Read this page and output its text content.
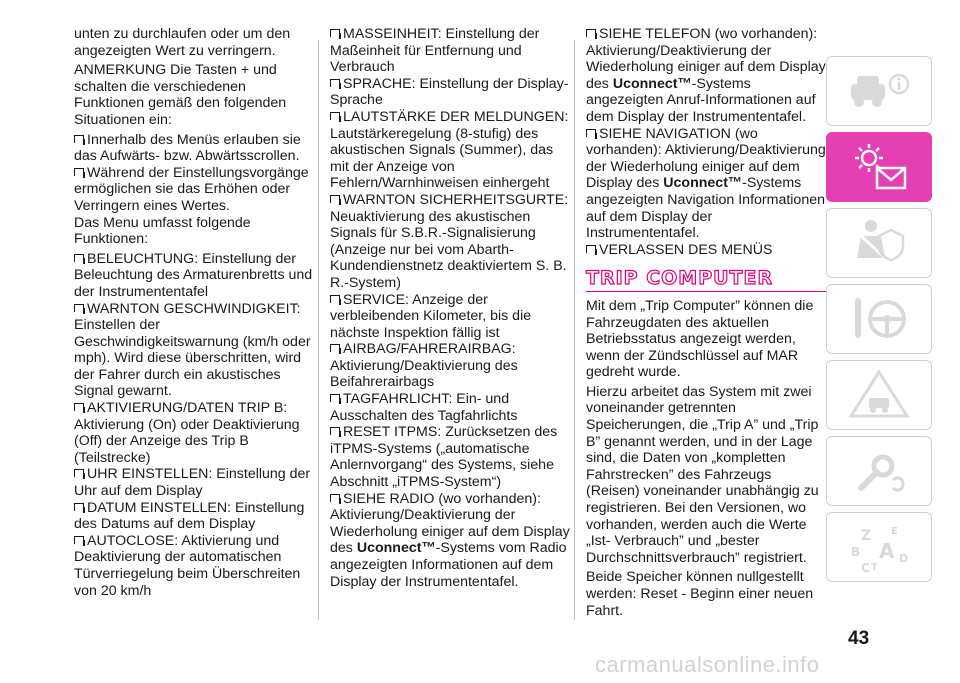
unten zu durchlaufen oder um den angezeigten Wert zu verringern.
ANMERKUNG Die Tasten + und schalten die verschiedenen Funktionen gemäß den folgenden Situationen ein:
Innerhalb des Menüs erlauben sie das Aufwärts- bzw. Abwärtsscrollen.
Während der Einstellungsvorgänge ermöglichen sie das Erhöhen oder Verringern eines Wertes.
Das Menu umfasst folgende Funktionen:
BELEUCHTUNG: Einstellung der Beleuchtung des Armaturenbretts und der Instrumententafel
WARNTON GESCHWINDIGKEIT: Einstellen der Geschwindigkeitswarnung (km/h oder mph). Wird diese überschritten, wird der Fahrer durch ein akustisches Signal gewarnt.
AKTIVIERUNG/DATEN TRIP B: Aktivierung (On) oder Deaktivierung (Off) der Anzeige des Trip B (Teilstrecke)
UHR EINSTELLEN: Einstellung der Uhr auf dem Display
DATUM EINSTELLEN: Einstellung des Datums auf dem Display
AUTOCLOSE: Aktivierung und Deaktivierung der automatischen Türverriegelung beim Überschreiten von 20 km/h
MASSEINHEIT: Einstellung der Maßeinheit für Entfernung und Verbrauch
SPRACHE: Einstellung der Display-Sprache
LAUTSTÄRKE DER MELDUNGEN: Lautstärkeregelung (8-stufig) des akustischen Signals (Summer), das mit der Anzeige von Fehlern/Warnhinweisen einhergeht
WARNTON SICHERHEITSGURTE: Neuaktivierung des akustischen Signals für S.B.R.-Signalisierung (Anzeige nur bei vom Abarth-Kundendienstnetz deaktiviertem S. B. R.-System)
SERVICE: Anzeige der verbleibenden Kilometer, bis die nächste Inspektion fällig ist
AIRBAG/FAHRERAIRBAG: Aktivierung/Deaktivierung des Beifahrerairbags
TAGFAHRLICHT: Ein- und Ausschalten des Tagfahrlichts
RESET ITPMS: Zurücksetzen des iTPMS-Systems („automatische Anlernvorgang“ des Systems, siehe Abschnitt „iTPMS-System“)
SIEHE RADIO (wo vorhanden): Aktivierung/Deaktivierung der Wiederholung einiger auf dem Display des Uconnect™-Systems vom Radio angezeigten Informationen auf dem Display der Instrumententafel.
SIEHE TELEFON (wo vorhanden): Aktivierung/Deaktivierung der Wiederholung einiger auf dem Display des Uconnect™-Systems angezeigten Anruf-Informationen auf dem Display der Instrumententafel.
SIEHE NAVIGATION (wo vorhanden): Aktivierung/Deaktivierung der Wiederholung einiger auf dem Display des Uconnect™-Systems angezeigten Navigation Informationen auf dem Display der Instrumententafel.
VERLASSEN DES MENÜS
TRIP COMPUTER
Mit dem „Trip Computer” können die Fahrzeugdaten des aktuellen Betriebsstatus angezeigt werden, wenn der Zündschlüssel auf MAR gedreht wurde.
Hierzu arbeitet das System mit zwei voneinander getrennten Speicherungen, die „Trip A” und „Trip B” genannt werden, und in der Lage sind, die Daten von „kompletten Fahrstrecken” des Fahrzeugs (Reisen) voneinander unabhängig zu registrieren. Bei den Versionen, wo vorhanden, werden auch die Werte „Ist- Verbrauch” und „bester Durchschnittsverbrauch” registriert.
Beide Speicher können nullgestellt werden: Reset - Beginn einer neuen Fahrt.
Z E
B A
C
D
T
43
carmanualsonline.info
